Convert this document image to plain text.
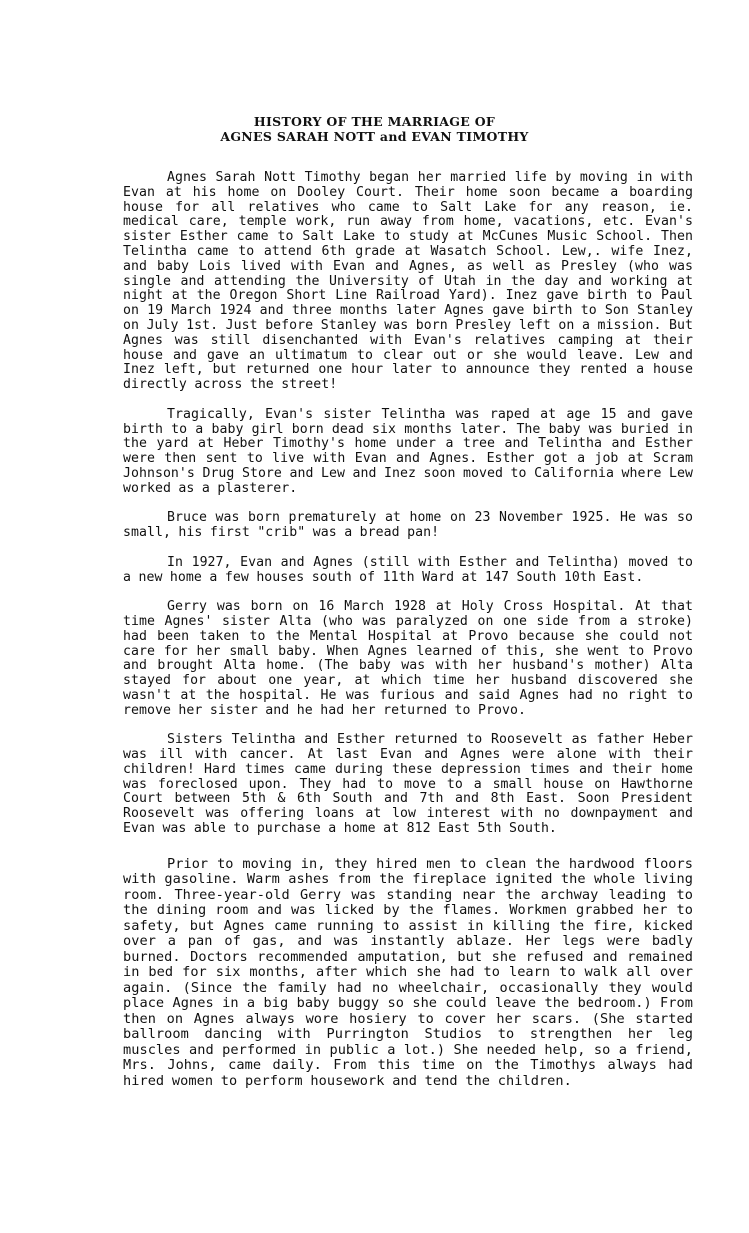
HISTORY OF THE MARRIAGE OF
AGNES SARAH NOTT and EVAN TIMOTHY

Agnes Sarah Nott Timothy began her married life by moving in with Evan at his home on Dooley Court. Their home soon became a boarding house for all relatives who came to Salt Lake for any reason, ie. medical care, temple work, run away from home, vacations, etc. Evan's sister Esther came to Salt Lake to study at McCunes Music School. Then Telintha came to attend 6th grade at Wasatch School. Lew,. wife Inez, and baby Lois lived with Evan and Agnes, as well as Presley (who was single and attending the University of Utah in the day and working at night at the Oregon Short Line Railroad Yard). Inez gave birth to Paul on 19 March 1924 and three months later Agnes gave birth to Son Stanley on July 1st. Just before Stanley was born Presley left on a mission. But Agnes was still disenchanted with Evan's relatives camping at their house and gave an ultimatum to clear out or she would leave. Lew and Inez left, but returned one hour later to announce they rented a house directly across the street!

Tragically, Evan's sister Telintha was raped at age 15 and gave birth to a baby girl born dead six months later. The baby was buried in the yard at Heber Timothy's home under a tree and Telintha and Esther were then sent to live with Evan and Agnes. Esther got a job at Scram Johnson's Drug Store and Lew and Inez soon moved to California where Lew worked as a plasterer.

Bruce was born prematurely at home on 23 November 1925. He was so small, his first "crib" was a bread pan!

In 1927, Evan and Agnes (still with Esther and Telintha) moved to a new home a few houses south of 11th Ward at 147 South 10th East.

Gerry was born on 16 March 1928 at Holy Cross Hospital. At that time Agnes' sister Alta (who was paralyzed on one side from a stroke) had been taken to the Mental Hospital at Provo because she could not care for her small baby. When Agnes learned of this, she went to Provo and brought Alta home. (The baby was with her husband's mother) Alta stayed for about one year, at which time her husband discovered she wasn't at the hospital. He was furious and said Agnes had no right to remove her sister and he had her returned to Provo.

Sisters Telintha and Esther returned to Roosevelt as father Heber was ill with cancer. At last Evan and Agnes were alone with their children! Hard times came during these depression times and their home was foreclosed upon. They had to move to a small house on Hawthorne Court between 5th & 6th South and 7th and 8th East. Soon President Roosevelt was offering loans at low interest with no downpayment and Evan was able to purchase a home at 812 East 5th South.

Prior to moving in, they hired men to clean the hardwood floors with gasoline. Warm ashes from the fireplace ignited the whole living room. Three-year-old Gerry was standing near the archway leading to the dining room and was licked by the flames. Workmen grabbed her to safety, but Agnes came running to assist in killing the fire, kicked over a pan of gas, and was instantly ablaze. Her legs were badly burned. Doctors recommended amputation, but she refused and remained in bed for six months, after which she had to learn to walk all over again. (Since the family had no wheelchair, occasionally they would place Agnes in a big baby buggy so she could leave the bedroom.) From then on Agnes always wore hosiery to cover her scars. (She started ballroom dancing with Purrington Studios to strengthen her leg muscles and performed in public a lot.) She needed help, so a friend, Mrs. Johns, came daily. From this time on the Timothys always had hired women to perform housework and tend the children.
